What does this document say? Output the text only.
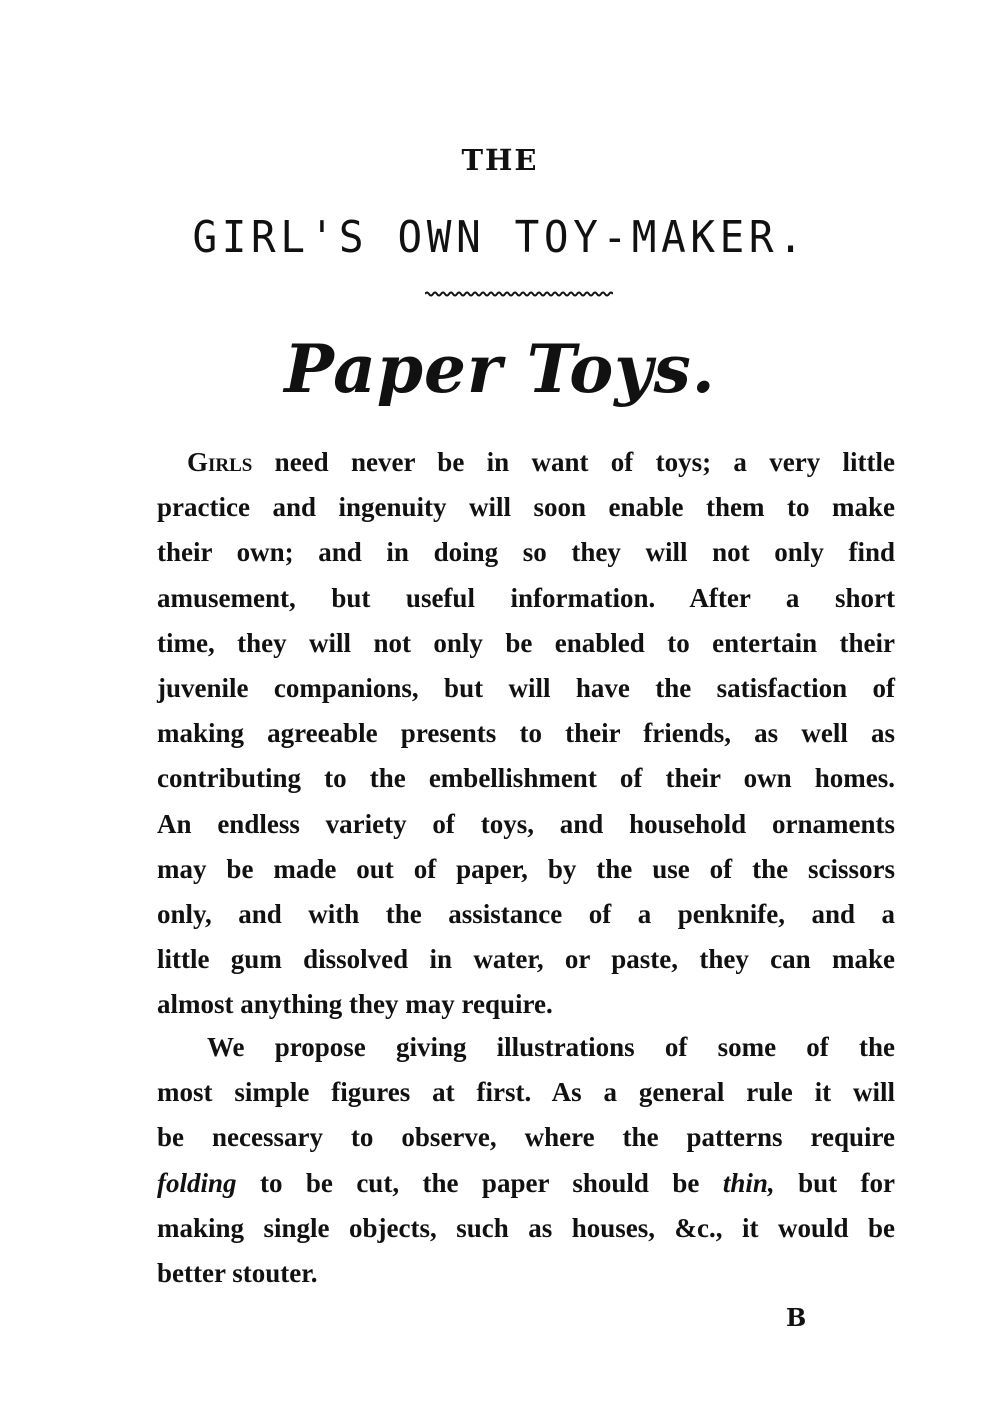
THE
GIRL'S OWN TOY-MAKER.
Paper Toys.
Girls need never be in want of toys; a very little
practice and ingenuity will soon enable them to make
their own; and in doing so they will not only find
amusement, but useful information. After a short
time, they will not only be enabled to entertain their
juvenile companions, but will have the satisfaction of
making agreeable presents to their friends, as well as
contributing to the embellishment of their own homes.
An endless variety of toys, and household ornaments
may be made out of paper, by the use of the scissors
only, and with the assistance of a penknife, and a
little gum dissolved in water, or paste, they can make
almost anything they may require.
We propose giving illustrations of some of the
most simple figures at first. As a general rule it will
be necessary to observe, where the patterns require
folding to be cut, the paper should be thin, but for
making single objects, such as houses, &c., it would be
better stouter.
B
